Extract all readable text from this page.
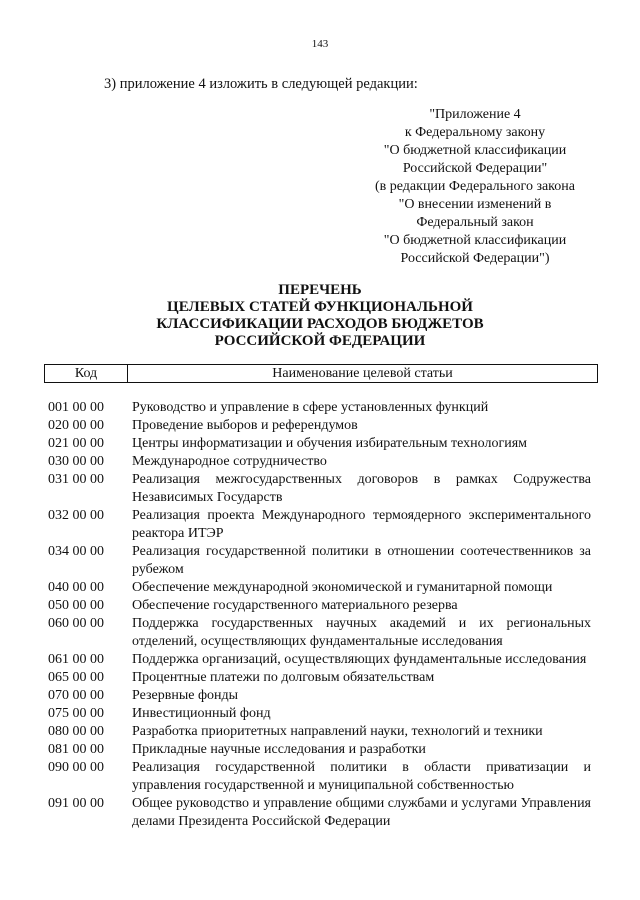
143
3) приложение 4 изложить в следующей редакции:
"Приложение 4
к Федеральному закону
"О бюджетной классификации
Российской Федерации"
(в редакции Федерального закона
"О внесении изменений в
Федеральный закон
"О бюджетной классификации
Российской Федерации")
ПЕРЕЧЕНЬ
ЦЕЛЕВЫХ СТАТЕЙ ФУНКЦИОНАЛЬНОЙ
КЛАССИФИКАЦИИ РАСХОДОВ БЮДЖЕТОВ
РОССИЙСКОЙ ФЕДЕРАЦИИ
Код	Наименование целевой статьи
001 00 00	Руководство и управление в сфере установленных функций
020 00 00	Проведение выборов и референдумов
021 00 00	Центры информатизации и обучения избирательным технологиям
030 00 00	Международное сотрудничество
031 00 00	Реализация межгосударственных договоров в рамках Содружества Независимых Государств
032 00 00	Реализация проекта Международного термоядерного экспериментального реактора ИТЭР
034 00 00	Реализация государственной политики в отношении соотечественников за рубежом
040 00 00	Обеспечение международной экономической и гуманитарной помощи
050 00 00	Обеспечение государственного материального резерва
060 00 00	Поддержка государственных научных академий и их региональных отделений, осуществляющих фундаментальные исследования
061 00 00	Поддержка организаций, осуществляющих фундаментальные исследования
065 00 00	Процентные платежи по долговым обязательствам
070 00 00	Резервные фонды
075 00 00	Инвестиционный фонд
080 00 00	Разработка приоритетных направлений науки, технологий и техники
081 00 00	Прикладные научные исследования и разработки
090 00 00	Реализация государственной политики в области приватизации и управления государственной и муниципальной собственностью
091 00 00	Общее руководство и управление общими службами и услугами Управления делами Президента Российской Федерации
